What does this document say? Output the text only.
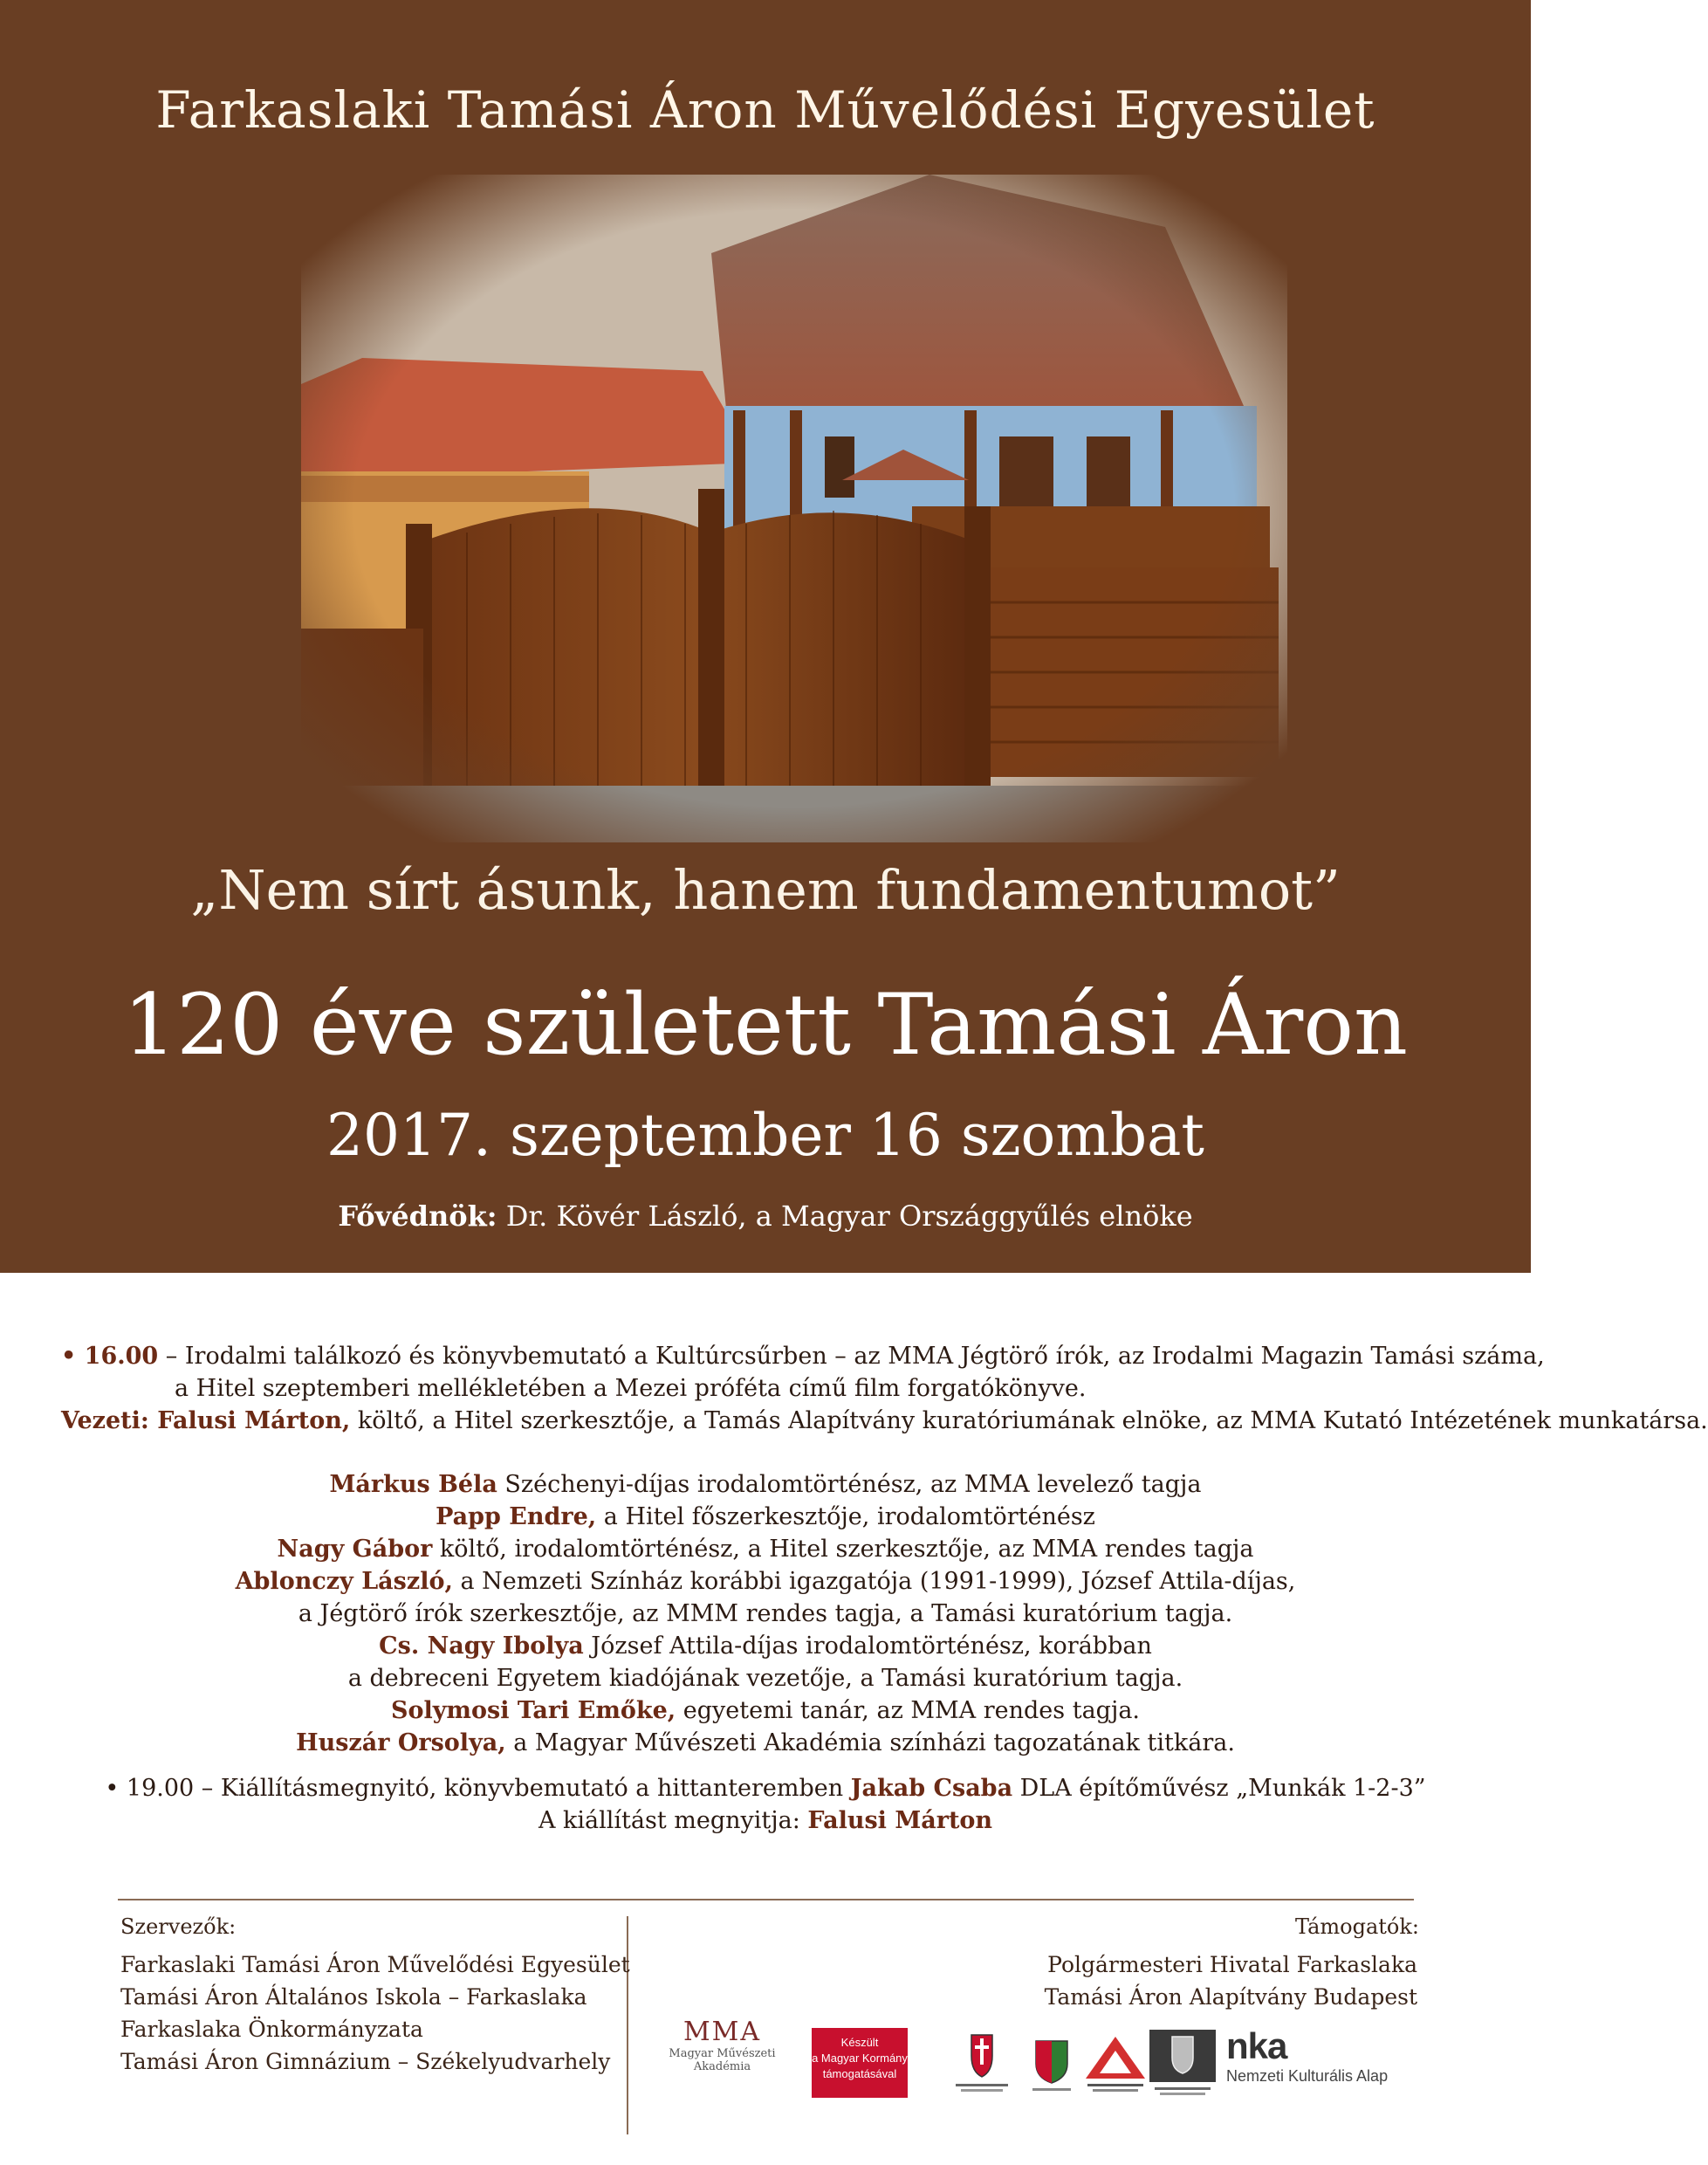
Farkaslaki Tamási Áron Művelődési Egyesület
„Nem sírt ásunk, hanem fundamentumot”
120 éve született Tamási Áron
2017. szeptember 16 szombat
Fővédnök: Dr. Kövér László, a Magyar Országgyűlés elnöke
• 16.00 – Irodalmi találkozó és könyvbemutató a Kultúrcsűrben – az MMA Jégtörő írók, az Irodalmi Magazin Tamási száma,
a Hitel szeptemberi mellékletében a Mezei próféta című film forgatókönyve.
Vezeti: Falusi Márton, költő, a Hitel szerkesztője, a Tamás Alapítvány kuratóriumának elnöke, az MMA Kutató Intézetének munkatársa.
Márkus Béla Széchenyi-díjas irodalomtörténész, az MMA levelező tagja
Papp Endre, a Hitel főszerkesztője, irodalomtörténész
Nagy Gábor költő, irodalomtörténész, a Hitel szerkesztője, az MMA rendes tagja
Ablonczy László, a Nemzeti Színház korábbi igazgatója (1991-1999), József Attila-díjas,
a Jégtörő írók szerkesztője, az MMM rendes tagja, a Tamási kuratórium tagja.
Cs. Nagy Ibolya József Attila-díjas irodalomtörténész, korábban
a debreceni Egyetem kiadójának vezetője, a Tamási kuratórium tagja.
Solymosi Tari Emőke, egyetemi tanár, az MMA rendes tagja.
Huszár Orsolya, a Magyar Művészeti Akadémia színházi tagozatának titkára.
• 19.00 – Kiállításmegnyitó, könyvbemutató a hittanteremben Jakab Csaba DLA építőművész „Munkák 1-2-3”
A kiállítást megnyitja: Falusi Márton
Szervezők:
Farkaslaki Tamási Áron Művelődési Egyesület
Tamási Áron Általános Iskola – Farkaslaka
Farkaslaka Önkormányzata
Tamási Áron Gimnázium – Székelyudvarhely
Támogatók:
Polgármesteri Hivatal Farkaslaka
Tamási Áron Alapítvány Budapest
MMA
Magyar Művészeti
Akadémia
Készült
a Magyar Kormány
támogatásával
nka
Nemzeti Kulturális Alap
